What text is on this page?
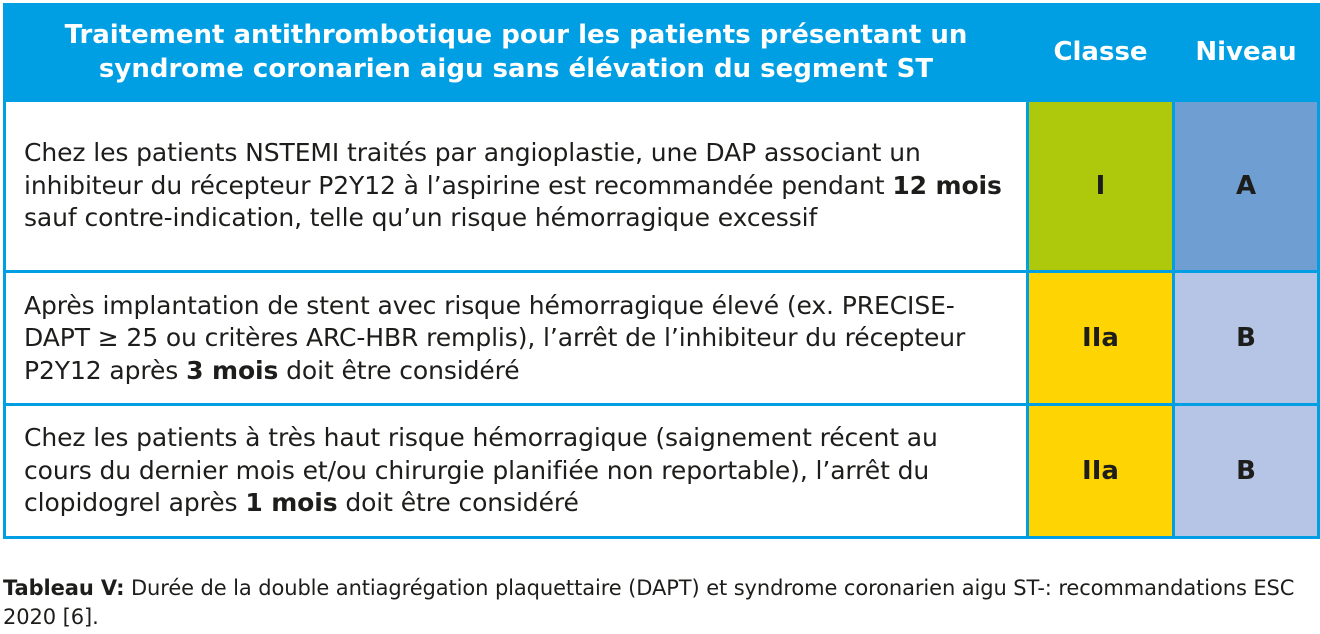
Traitement antithrombotique pour les patients présentant un
syndrome coronarien aigu sans élévation du segment ST	Classe	Niveau
Chez les patients NSTEMI traités par angioplastie, une DAP associant un inhibiteur du récepteur P2Y12 à l’aspirine est recommandée pendant 12 mois sauf contre-indication, telle qu’un risque hémorragique excessif	I	A
Après implantation de stent avec risque hémorragique élevé (ex. PRECISE-DAPT ≥ 25 ou critères ARC-HBR remplis), l’arrêt de l’inhibiteur du récepteur P2Y12 après 3 mois doit être considéré	IIa	B
Chez les patients à très haut risque hémorragique (saignement récent au cours du dernier mois et/ou chirurgie planifiée non reportable), l’arrêt du clopidogrel après 1 mois doit être considéré	IIa	B
Tableau V: Durée de la double antiagrégation plaquettaire (DAPT) et syndrome coronarien aigu ST-: recommandations ESC 2020 [6].
